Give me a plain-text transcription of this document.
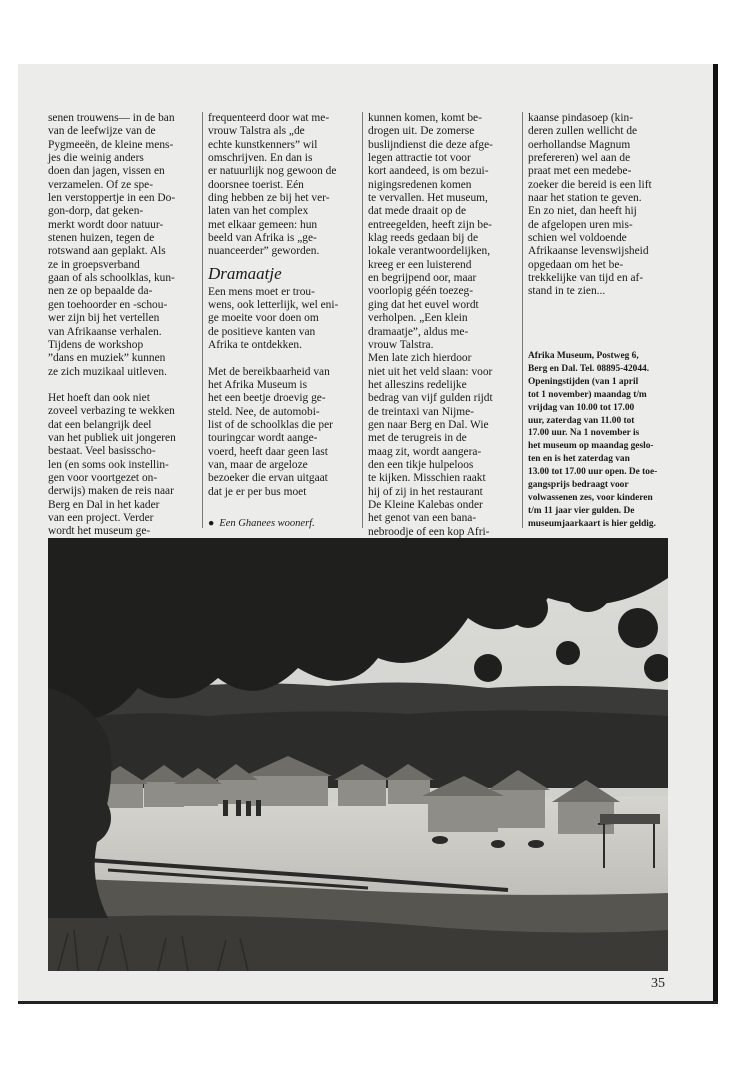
senen trouwens— in de ban
van de leefwijze van de
Pygmeeën, de kleine mens-
jes die weinig anders
doen dan jagen, vissen en
verzamelen. Of ze spe-
len verstoppertje in een Do-
gon-dorp, dat geken-
merkt wordt door natuur-
stenen huizen, tegen de
rotswand aan geplakt. Als
ze in groepsverband
gaan of als schoolklas, kun-
nen ze op bepaalde da-
gen toehoorder en -schou-
wer zijn bij het vertellen
van Afrikaanse verhalen.
Tijdens de workshop
”dans en muziek” kunnen
ze zich muzikaal uitleven.

Het hoeft dan ook niet
zoveel verbazing te wekken
dat een belangrijk deel
van het publiek uit jongeren
bestaat. Veel basisscho-
len (en soms ook instellin-
gen voor voortgezet on-
derwijs) maken de reis naar
Berg en Dal in het kader
van een project. Verder
wordt het museum ge-

frequenteerd door wat me-
vrouw Talstra als „de
echte kunstkenners” wil
omschrijven. En dan is
er natuurlijk nog gewoon de
doorsnee toerist. Eén
ding hebben ze bij het ver-
laten van het complex
met elkaar gemeen: hun
beeld van Afrika is „ge-
nuanceerder” geworden.

Dramaatje

Een mens moet er trou-
wens, ook letterlijk, wel eni-
ge moeite voor doen om
de positieve kanten van
Afrika te ontdekken.

Met de bereikbaarheid van
het Afrika Museum is
het een beetje droevig ge-
steld. Nee, de automobi-
list of de schoolklas die per
touringcar wordt aange-
voerd, heeft daar geen last
van, maar de argeloze
bezoeker die ervan uitgaat
dat je er per bus moet

● Een Ghanees woonerf.

kunnen komen, komt be-
drogen uit. De zomerse
buslijndienst die deze afge-
legen attractie tot voor
kort aandeed, is om bezui-
nigingsredenen komen
te vervallen. Het museum,
dat mede draait op de
entreegelden, heeft zijn be-
klag reeds gedaan bij de
lokale verantwoordelijken,
kreeg er een luisterend
en begrijpend oor, maar
voorlopig géén toezeg-
ging dat het euvel wordt
verholpen. „Een klein
dramaatje”, aldus me-
vrouw Talstra.
Men late zich hierdoor
niet uit het veld slaan: voor
het alleszins redelijke
bedrag van vijf gulden rijdt
de treintaxi van Nijme-
gen naar Berg en Dal. Wie
met de terugreis in de
maag zit, wordt aangera-
den een tikje hulpeloos
te kijken. Misschien raakt
hij of zij in het restaurant
De Kleine Kalebas onder
het genot van een bana-
nebroodje of een kop Afri-

kaanse pindasoep (kin-
deren zullen wellicht de
oerhollandse Magnum
prefereren) wel aan de
praat met een medebe-
zoeker die bereid is een lift
naar het station te geven.
En zo niet, dan heeft hij
de afgelopen uren mis-
schien wel voldoende
Afrikaanse levenswijsheid
opgedaan om het be-
trekkelijke van tijd en af-
stand in te zien...

Afrika Museum, Postweg 6,
Berg en Dal. Tel. 08895-42044.
Openingstijden (van 1 april
tot 1 november) maandag t/m
vrijdag van 10.00 tot 17.00
uur, zaterdag van 11.00 tot
17.00 uur. Na 1 november is
het museum op maandag geslo-
ten en is het zaterdag van
13.00 tot 17.00 uur open. De toe-
gangsprijs bedraagt voor
volwassenen zes, voor kinderen
t/m 11 jaar vier gulden. De
museumjaarkaart is hier geldig.
35
